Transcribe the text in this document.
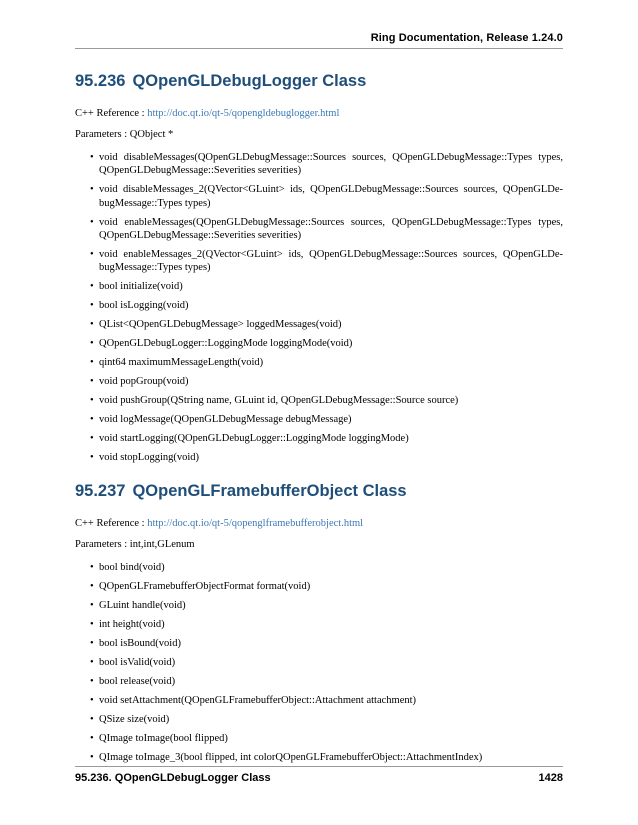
Ring Documentation, Release 1.24.0
95.236 QOpenGLDebugLogger Class

C++ Reference : http://doc.qt.io/qt-5/qopengldebuglogger.html

Parameters : QObject *

• void disableMessages(QOpenGLDebugMessage::Sources sources, QOpenGLDebugMessage::Types types, QOpenGLDebugMessage::Severities severities)
• void disableMessages_2(QVector<GLuint> ids, QOpenGLDebugMessage::Sources sources, QOpenGLDe-bugMessage::Types types)
• void enableMessages(QOpenGLDebugMessage::Sources sources, QOpenGLDebugMessage::Types types, QOpenGLDebugMessage::Severities severities)
• void enableMessages_2(QVector<GLuint> ids, QOpenGLDebugMessage::Sources sources, QOpenGLDe-bugMessage::Types types)
• bool initialize(void)
• bool isLogging(void)
• QList<QOpenGLDebugMessage> loggedMessages(void)
• QOpenGLDebugLogger::LoggingMode loggingMode(void)
• qint64 maximumMessageLength(void)
• void popGroup(void)
• void pushGroup(QString name, GLuint id, QOpenGLDebugMessage::Source source)
• void logMessage(QOpenGLDebugMessage debugMessage)
• void startLogging(QOpenGLDebugLogger::LoggingMode loggingMode)
• void stopLogging(void)
95.237 QOpenGLFramebufferObject Class

C++ Reference : http://doc.qt.io/qt-5/qopenglframebufferobject.html

Parameters : int,int,GLenum

• bool bind(void)
• QOpenGLFramebufferObjectFormat format(void)
• GLuint handle(void)
• int height(void)
• bool isBound(void)
• bool isValid(void)
• bool release(void)
• void setAttachment(QOpenGLFramebufferObject::Attachment attachment)
• QSize size(void)
• QImage toImage(bool flipped)
• QImage toImage_3(bool flipped, int colorQOpenGLFramebufferObject::AttachmentIndex)
95.236. QOpenGLDebugLogger Class	1428
